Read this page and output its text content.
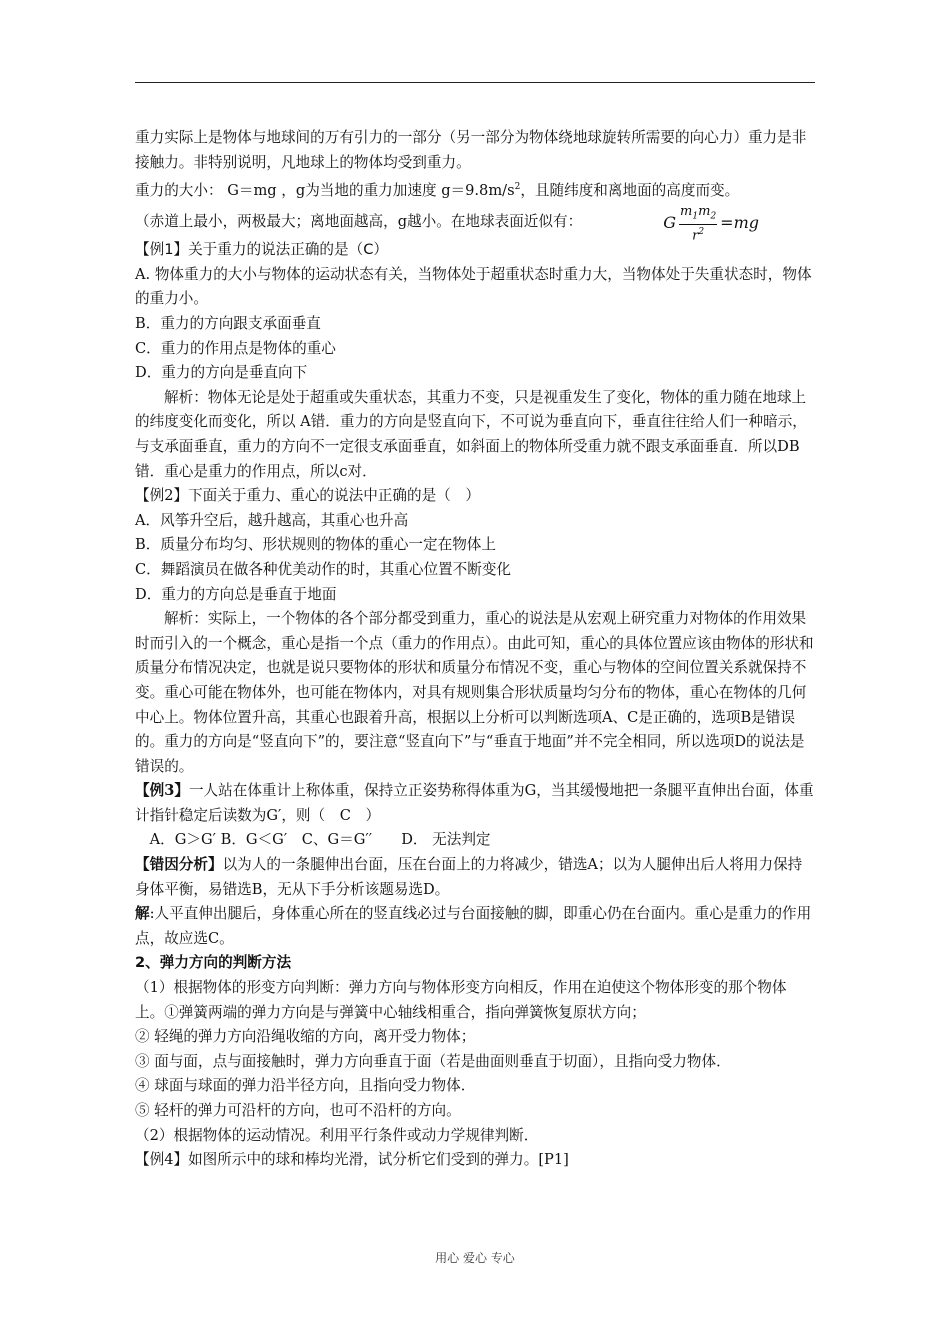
重力实际上是物体与地球间的万有引力的一部分（另一部分为物体绕地球旋转所需要的向心力）重力是非接触力。非特别说明，凡地球上的物体均受到重力。

重力的大小： G＝mg ，g为当地的重力加速度 $g=9.8m/s^2$，且随纬度和离地面的高度而变。

（赤道上最小，两极最大；离地面越高，g越小。在地球表面近似有：	G $\frac{m_1m_2}{r^2} =mg$

【例1】关于重力的说法正确的是（C）

A. 物体重力的大小与物体的运动状态有关，当物体处于超重状态时重力大，当物体处于失重状态时，物体的重力小。

B．重力的方向跟支承面垂直

C．重力的作用点是物体的重心

D．重力的方向是垂直向下

解析：物体无论是处于超重或失重状态，其重力不变，只是视重发生了变化，物体的重力随在地球上的纬度变化而变化，所以 A错．重力的方向是竖直向下，不可说为垂直向下，垂直往往给人们一种暗示，与支承面垂直，重力的方向不一定很支承面垂直，如斜面上的物体所受重力就不跟支承面垂直．所以DB错．重心是重力的作用点，所以c对．

【例2】下面关于重力、重心的说法中正确的是（　）

A．风筝升空后，越升越高，其重心也升高

B．质量分布均匀、形状规则的物体的重心一定在物体上

C．舞蹈演员在做各种优美动作的时，其重心位置不断变化

D．重力的方向总是垂直于地面

解析：实际上，一个物体的各个部分都受到重力，重心的说法是从宏观上研究重力对物体的作用效果时而引入的一个概念，重心是指一个点（重力的作用点）。由此可知，重心的具体位置应该由物体的形状和质量分布情况决定，也就是说只要物体的形状和质量分布情况不变，重心与物体的空间位置关系就保持不变。重心可能在物体外，也可能在物体内，对具有规则集合形状质量均匀分布的物体，重心在物体的几何中心上。物体位置升高，其重心也跟着升高，根据以上分析可以判断选项A、C是正确的，选项B是错误的。重力的方向是“竖直向下”的，要注意“竖直向下”与“垂直于地面”并不完全相同，所以选项D的说法是错误的。

【例3】一人站在体重计上称体重，保持立正姿势称得体重为G，当其缓慢地把一条腿平直伸出台面，体重计指针稳定后读数为G′，则（　C　）

　A．G＞G′ B．G＜G′　C、G＝G′′　　D． 无法判定

【错因分析】以为人的一条腿伸出台面，压在台面上的力将减少，错选A；以为人腿伸出后人将用力保持身体平衡，易错选B，无从下手分析该题易选D。

解:人平直伸出腿后，身体重心所在的竖直线必过与台面接触的脚，即重心仍在台面内。重心是重力的作用点，故应选C。

2、弹力方向的判断方法

（1）根据物体的形变方向判断：弹力方向与物体形变方向相反，作用在迫使这个物体形变的那个物体上。①弹簧两端的弹力方向是与弹簧中心轴线相重合，指向弹簧恢复原状方向；

② 轻绳的弹力方向沿绳收缩的方向，离开受力物体；

③ 面与面，点与面接触时，弹力方向垂直于面（若是曲面则垂直于切面），且指向受力物体．

④ 球面与球面的弹力沿半径方向，且指向受力物体．

⑤ 轻杆的弹力可沿杆的方向，也可不沿杆的方向。

（2）根据物体的运动情况。利用平行条件或动力学规律判断．

【例4】如图所示中的球和棒均光滑，试分析它们受到的弹力。[P1]

用心 爱心 专心
